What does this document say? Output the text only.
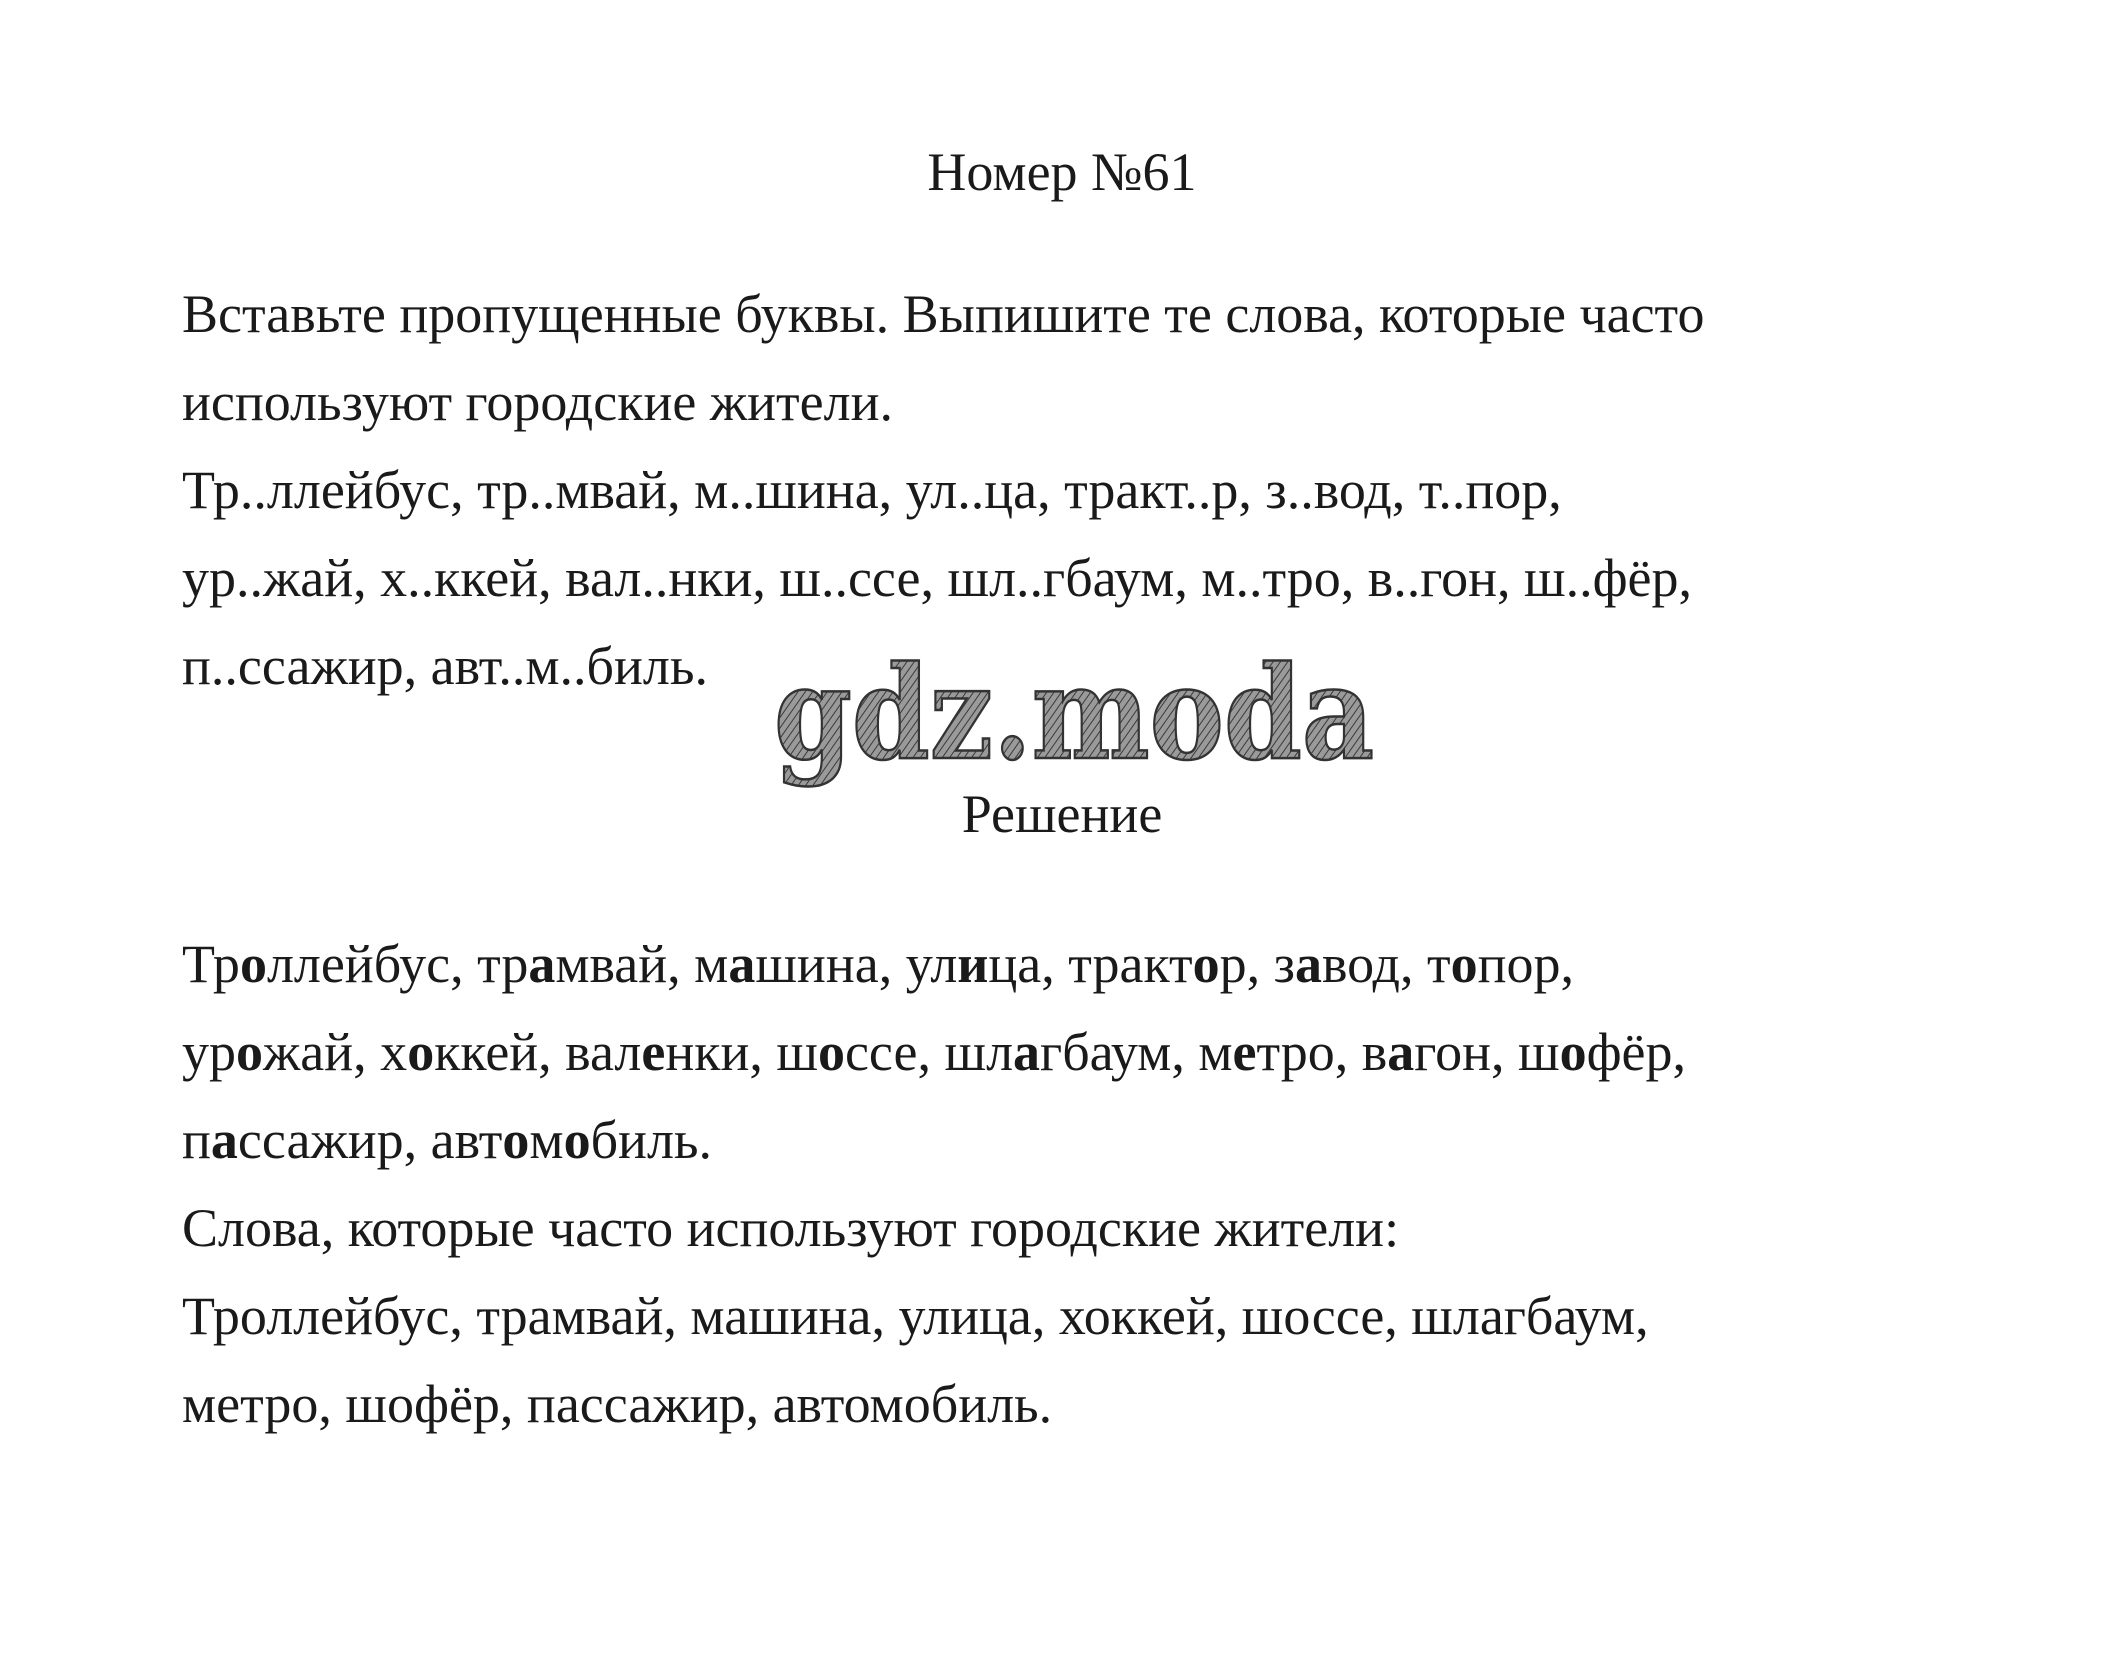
Номер №61
Вставьте пропущенные буквы. Выпишите те слова, которые часто
используют городские жители.
Тр..ллейбус, тр..мвай, м..шина, ул..ца, тракт..р, з..вод, т..пор,
ур..жай, х..ккей, вал..нки, ш..ссе, шл..гбаум, м..тро, в..гон, ш..фёр,
п..ссажир, авт..м..биль. gdz.moda
Решение
Троллейбус, трамвай, машина, улица, трактор, завод, топор,
урожай, хоккей, валенки, шоссе, шлагбаум, метро, вагон, шофёр,
пассажир, автомобиль.
Слова, которые часто используют городские жители:
Троллейбус, трамвай, машина, улица, хоккей, шоссе, шлагбаум,
метро, шофёр, пассажир, автомобиль.
